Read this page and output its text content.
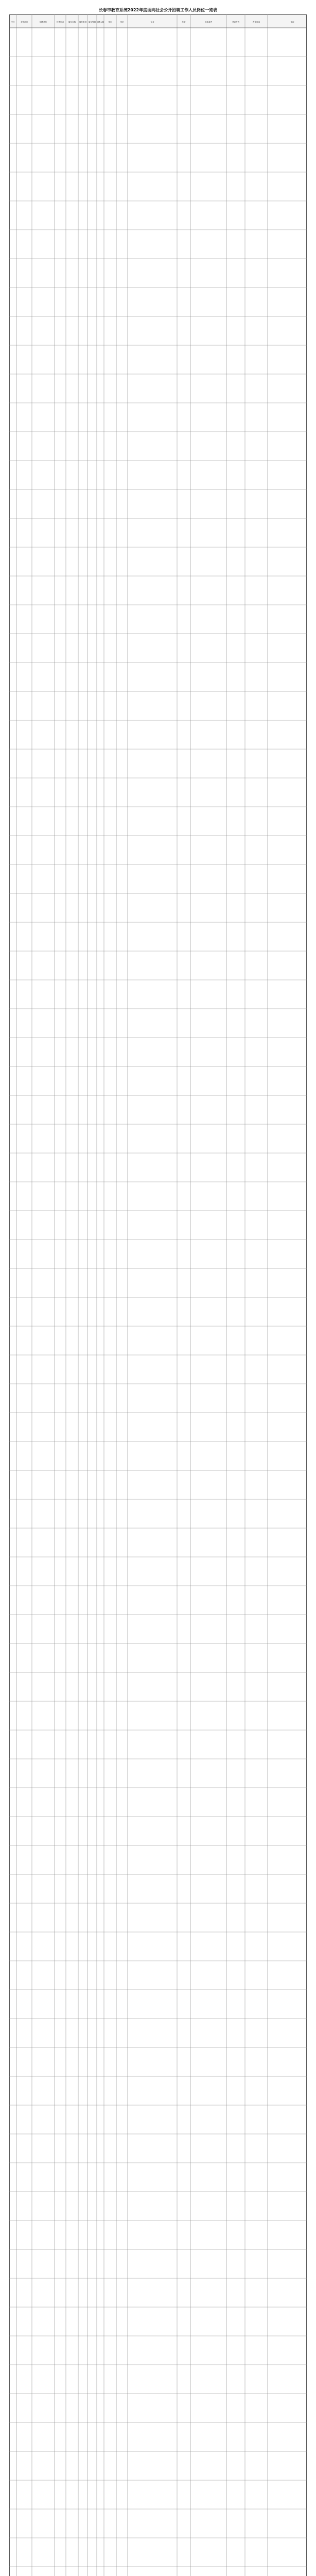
长春市教育系统2022年度面向社会公开招聘工作人员岗位一览表
序号	主管部门	招聘单位	经费形式 岗位名称 岗位类别 岗位等级 招聘人数 学历	学位	专业	年龄	其他条件	考试方式	咨询电话	备注
